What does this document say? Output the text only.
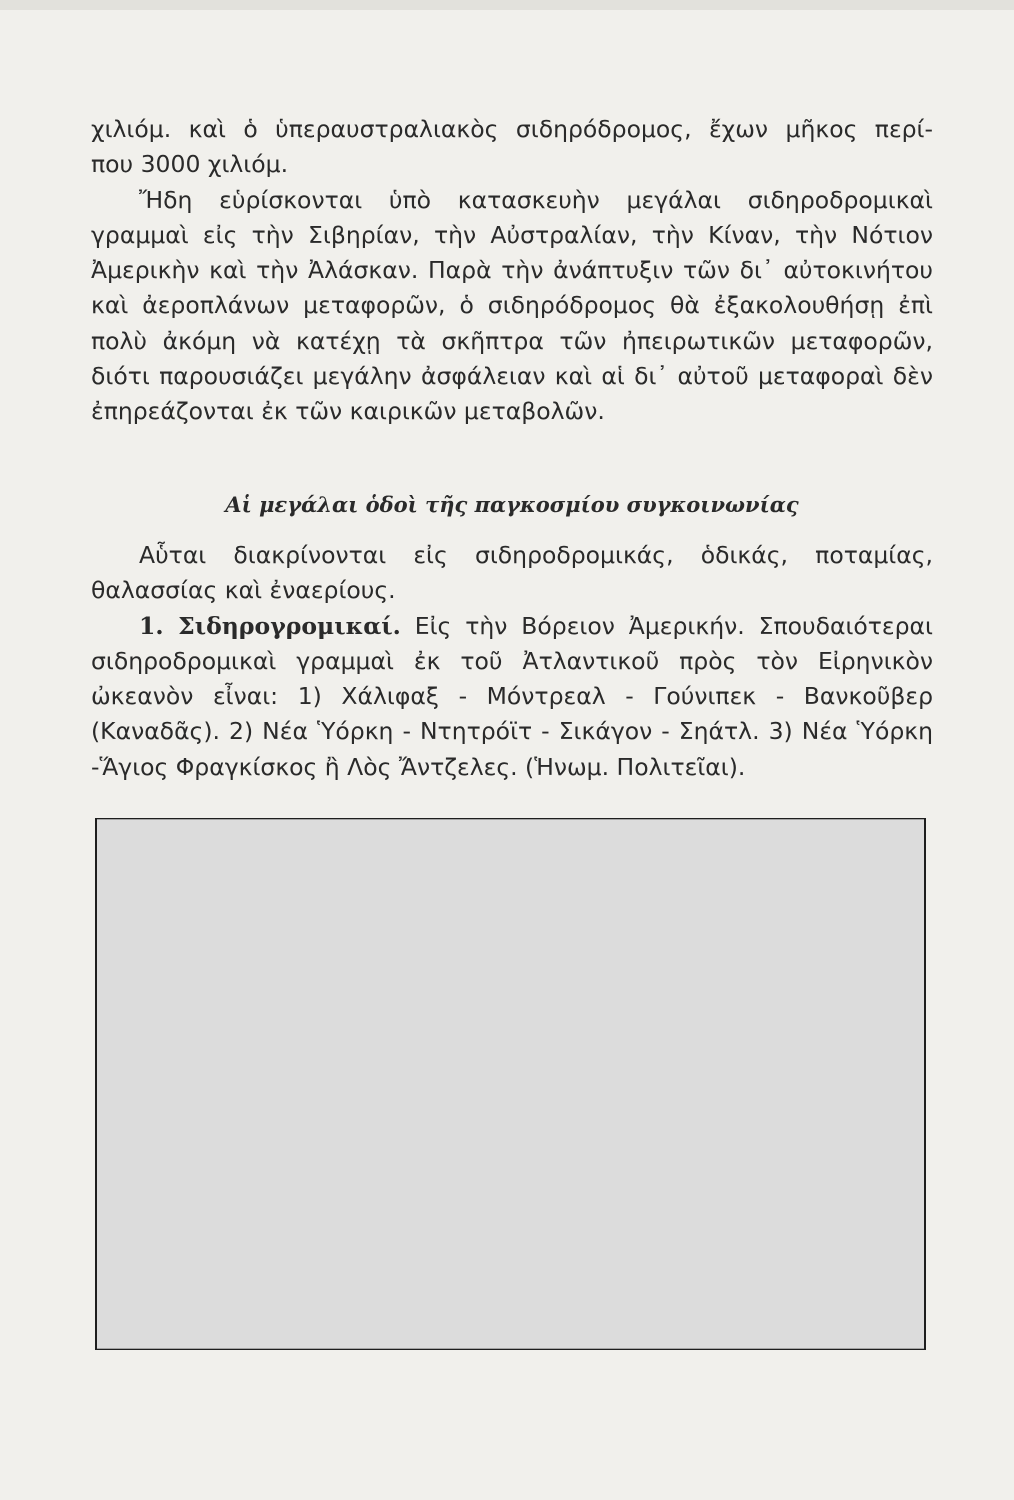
χιλιόμ. καὶ ὁ ὑπεραυστραλιακὸς σιδηρόδρομος, ἔχων μῆκος περί-

που 3000 χιλιόμ.

Ἤδη εὑρίσκονται ὑπὸ κατασκευὴν μεγάλαι σιδηροδρομικαὶ γραμμαὶ εἰς τὴν Σιβηρίαν, τὴν Αὐστραλίαν, τὴν Κίναν, τὴν Νότιον Ἀμερικὴν καὶ τὴν Ἀλάσκαν. Παρὰ τὴν ἀνάπτυξιν τῶν δι᾽ αὐτοκινήτου καὶ ἀεροπλάνων μεταφορῶν, ὁ σιδηρόδρομος θὰ ἐξακολουθήσῃ ἐπὶ πολὺ ἀκόμη νὰ κατέχῃ τὰ σκῆπτρα τῶν ἠπειρωτικῶν μεταφορῶν, διότι παρουσιάζει μεγάλην ἀσφάλειαν καὶ αἱ δι᾽ αὐτοῦ μεταφοραὶ δὲν ἐπηρεάζονται ἐκ τῶν καιρικῶν μεταβολῶν.

Αἱ μεγάλαι ὁδοὶ τῆς παγκοσμίου συγκοινωνίας

Αὗται διακρίνονται εἰς σιδηροδρομικάς, ὁδικάς, ποταμίας, θαλασσίας καὶ ἐναερίους.

1. Σιδηρογρομικαί. Εἰς τὴν Βόρειον Ἀμερικήν. Σπουδαιότεραι σιδηροδρομικαὶ γραμμαὶ ἐκ τοῦ Ἀτλαντικοῦ πρὸς τὸν Εἰρηνικὸν ὠκεανὸν εἶναι: 1) Χάλιφαξ - Μόντρεαλ - Γούνιπεκ - Βανκοῦβερ (Καναδᾶς). 2) Νέα Ὑόρκη - Ντητρόϊτ - Σικάγον - Σηάτλ. 3) Νέα Ὑόρκη -Ἅγιος Φραγκίσκος ἢ Λὸς Ἄντζελες. (Ἡνωμ. Πολιτεῖαι).
